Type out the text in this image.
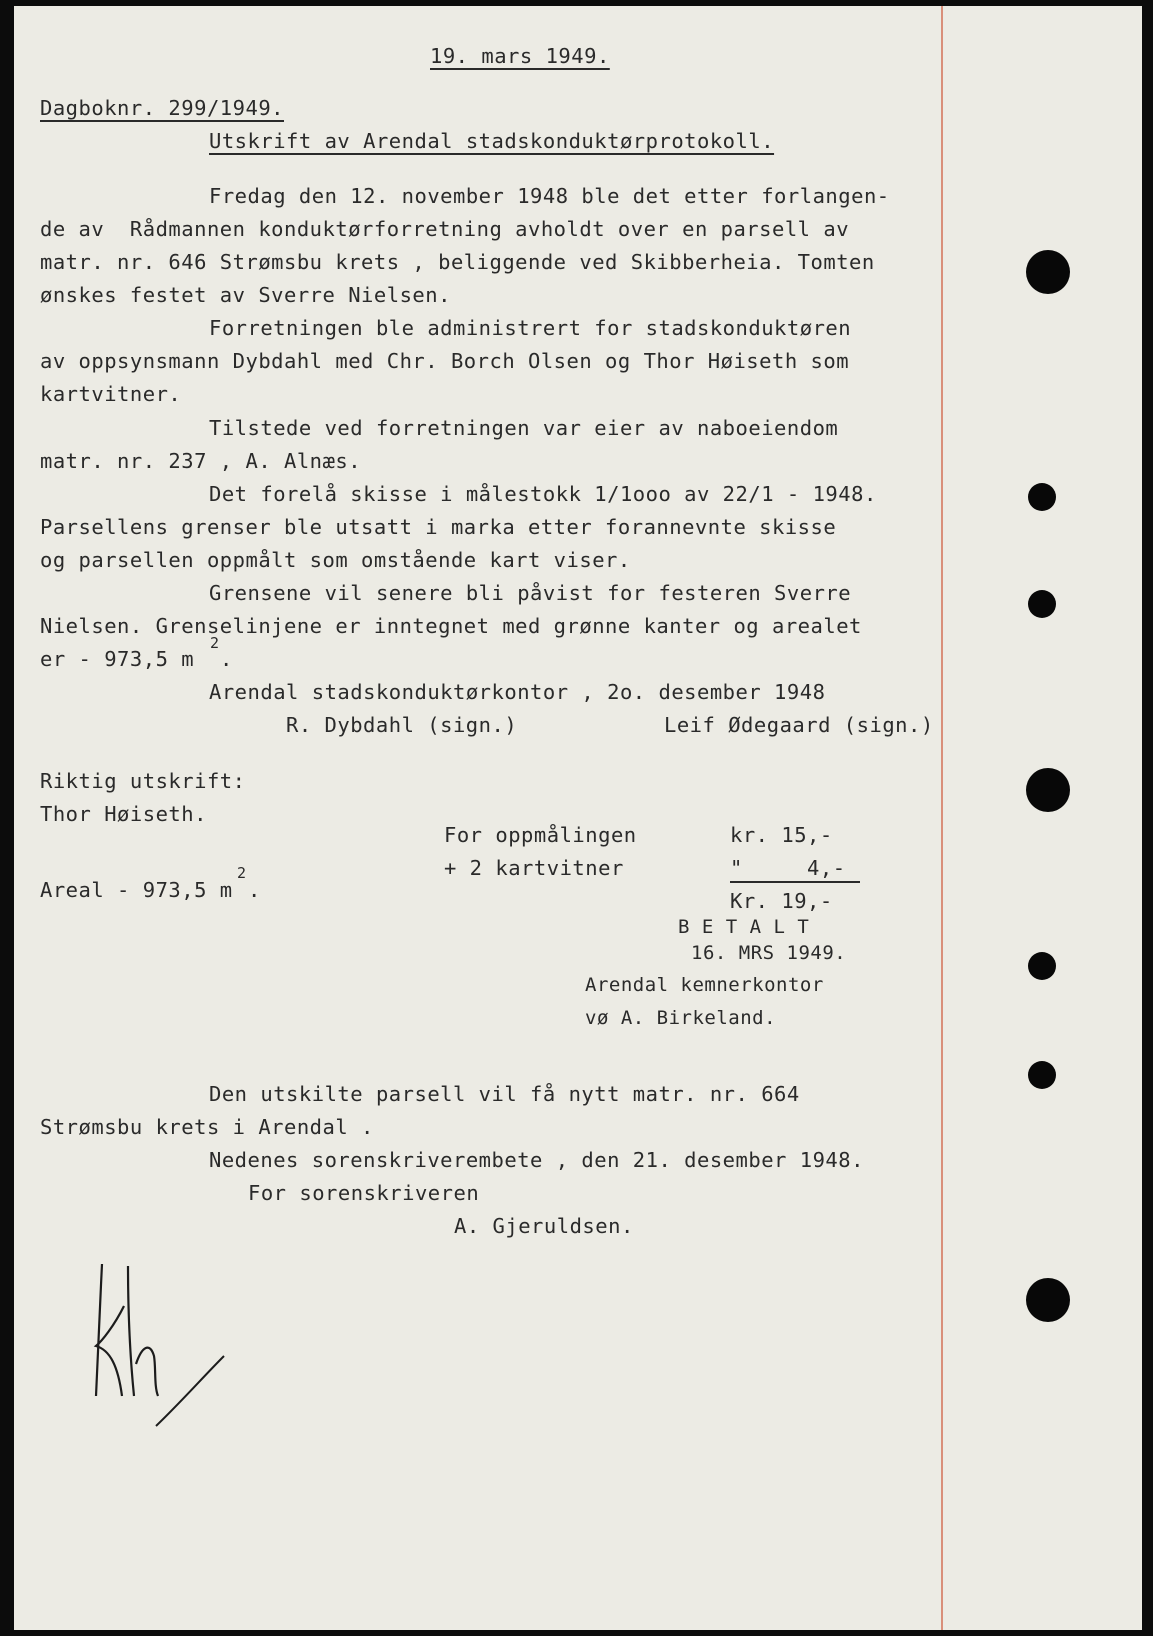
19. mars 1949.
Dagboknr. 299/1949.
Utskrift av Arendal stadskonduktørprotokoll.
Fredag den 12. november 1948 ble det etter forlangen-
de av  Rådmannen konduktørforretning avholdt over en parsell av
matr. nr. 646 Strømsbu krets , beliggende ved Skibberheia. Tomten
ønskes festet av Sverre Nielsen.
Forretningen ble administrert for stadskonduktøren
av oppsynsmann Dybdahl med Chr. Borch Olsen og Thor Høiseth som
kartvitner.
Tilstede ved forretningen var eier av naboeiendom
matr. nr. 237 , A. Alnæs.
Det forelå skisse i målestokk 1/1ooo av 22/1 - 1948.
Parsellens grenser ble utsatt i marka etter forannevnte skisse
og parsellen oppmålt som omstående kart viser.
Grensene vil senere bli påvist for festeren Sverre
Nielsen. Grenselinjene er inntegnet med grønne kanter og arealet
er - 973,5 m
2
.
Arendal stadskonduktørkontor , 2o. desember 1948
R. Dybdahl (sign.)	Leif Ødegaard (sign.)
Riktig utskrift:
Thor Høiseth.
For oppmålingen	kr. 15,-
+ 2 kartvitner	"     4,-
Kr. 19,-
Areal - 973,5 m
2
.
B E T A L T
16. MRS 1949.
Arendal kemnerkontor
vø A. Birkeland.
Den utskilte parsell vil få nytt matr. nr. 664
Strømsbu krets i Arendal .
Nedenes sorenskriverembete , den 21. desember 1948.
For sorenskriveren
A. Gjeruldsen.
